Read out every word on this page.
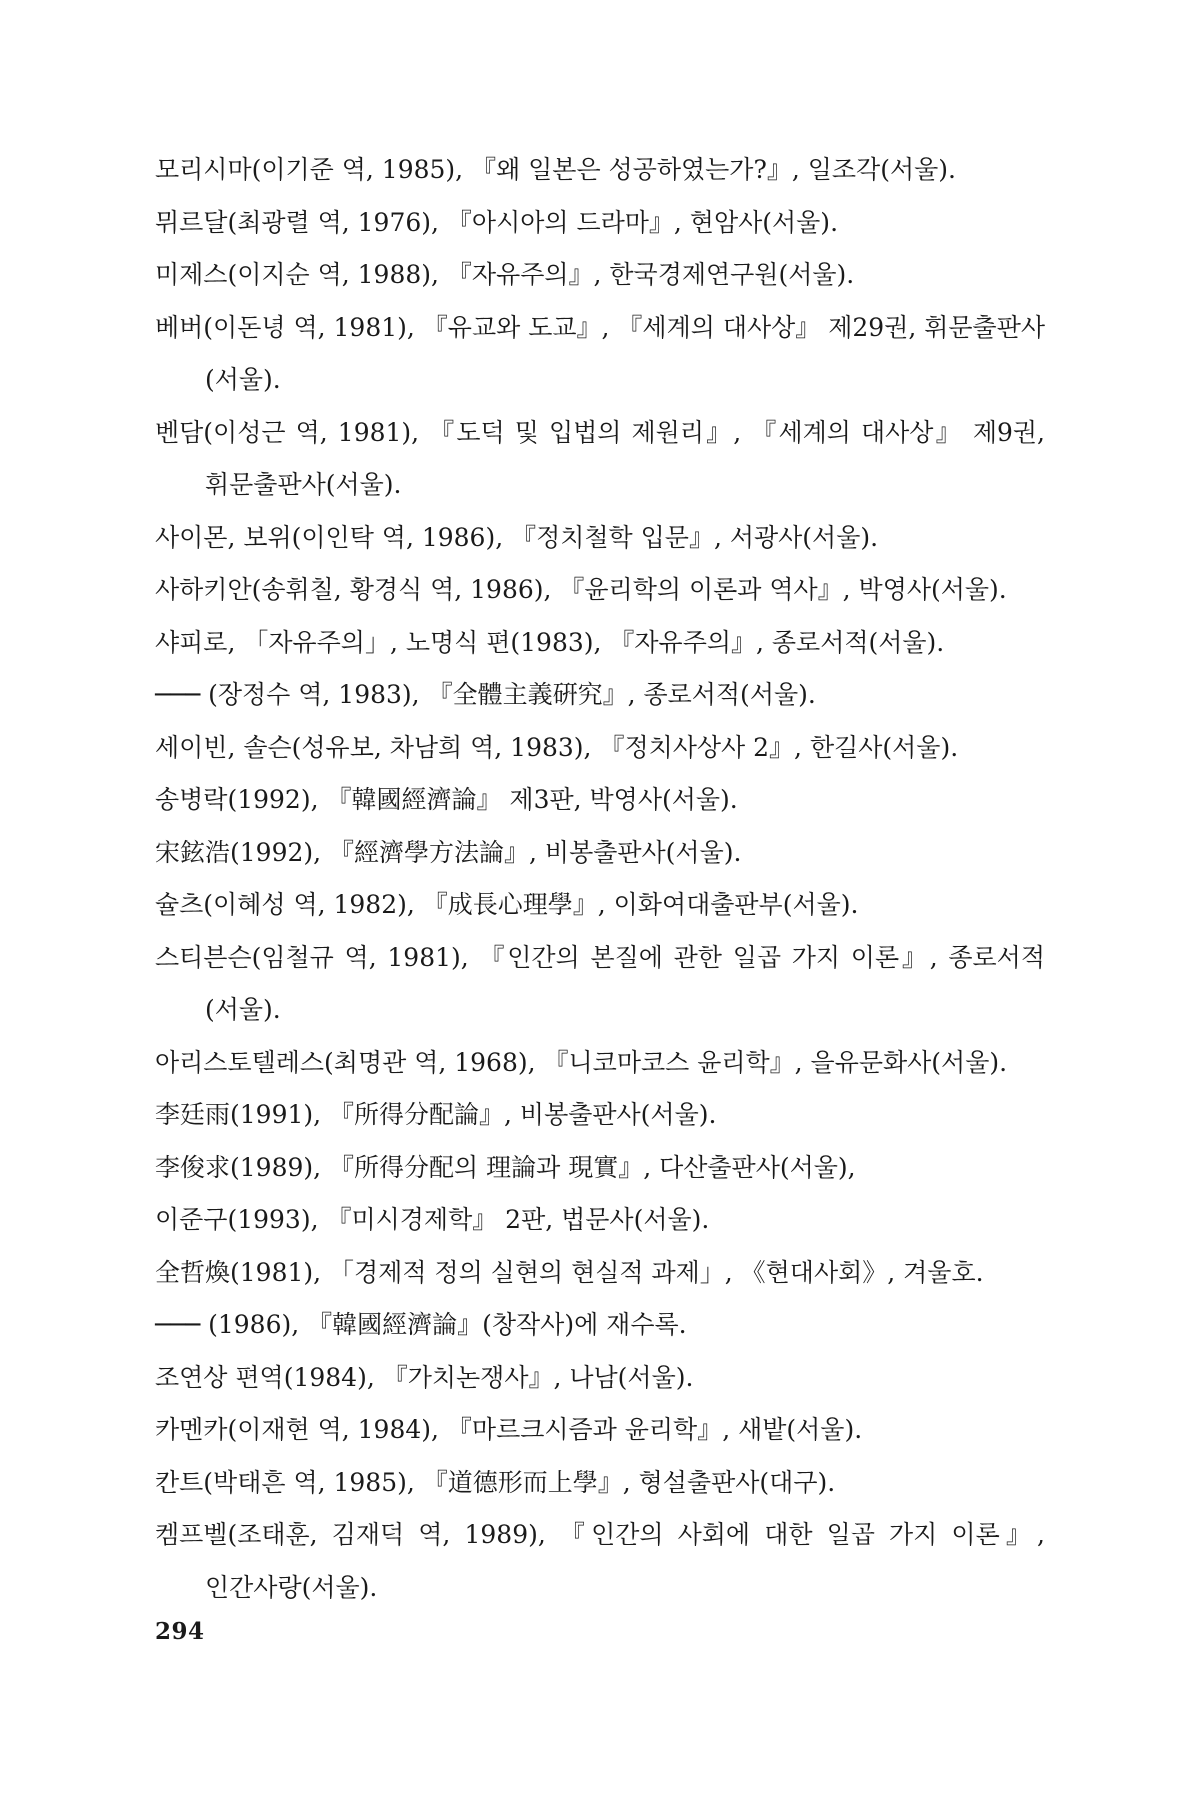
모리시마(이기준 역, 1985), 『왜 일본은 성공하였는가?』, 일조각(서울).
뮈르달(최광렬 역, 1976), 『아시아의 드라마』, 현암사(서울).
미제스(이지순 역, 1988), 『자유주의』, 한국경제연구원(서울).
베버(이돈녕 역, 1981), 『유교와 도교』, 『세계의 대사상』 제29권, 휘문출판사 (서울).
벤담(이성근 역, 1981), 『도덕 및 입법의 제원리』, 『세계의 대사상』 제9권, 휘문출판사(서울).
사이몬, 보위(이인탁 역, 1986), 『정치철학 입문』, 서광사(서울).
사하키안(송휘칠, 황경식 역, 1986), 『윤리학의 이론과 역사』, 박영사(서울).
샤피로, 「자유주의」, 노명식 편(1983), 『자유주의』, 종로서적(서울).
─── (장정수 역, 1983), 『全體主義硏究』, 종로서적(서울).
세이빈, 솔슨(성유보, 차남희 역, 1983), 『정치사상사 2』, 한길사(서울).
송병락(1992), 『韓國經濟論』 제3판, 박영사(서울).
宋鉉浩(1992), 『經濟學方法論』, 비봉출판사(서울).
슐츠(이혜성 역, 1982), 『成長心理學』, 이화여대출판부(서울).
스티븐슨(임철규 역, 1981), 『인간의 본질에 관한 일곱 가지 이론』, 종로서적(서울).
아리스토텔레스(최명관 역, 1968), 『니코마코스 윤리학』, 을유문화사(서울).
李廷雨(1991), 『所得分配論』, 비봉출판사(서울).
李俊求(1989), 『所得分配의 理論과 現實』, 다산출판사(서울),
이준구(1993), 『미시경제학』 2판, 법문사(서울).
全哲煥(1981), 「경제적 정의 실현의 현실적 과제」, 《현대사회》, 겨울호.
─── (1986), 『韓國經濟論』(창작사)에 재수록.
조연상 편역(1984), 『가치논쟁사』, 나남(서울).
카멘카(이재현 역, 1984), 『마르크시즘과 윤리학』, 새밭(서울).
칸트(박태흔 역, 1985), 『道德形而上學』, 형설출판사(대구).
켐프벨(조태훈, 김재덕 역, 1989), 『인간의 사회에 대한 일곱 가지 이론』, 인간사랑(서울).
294
